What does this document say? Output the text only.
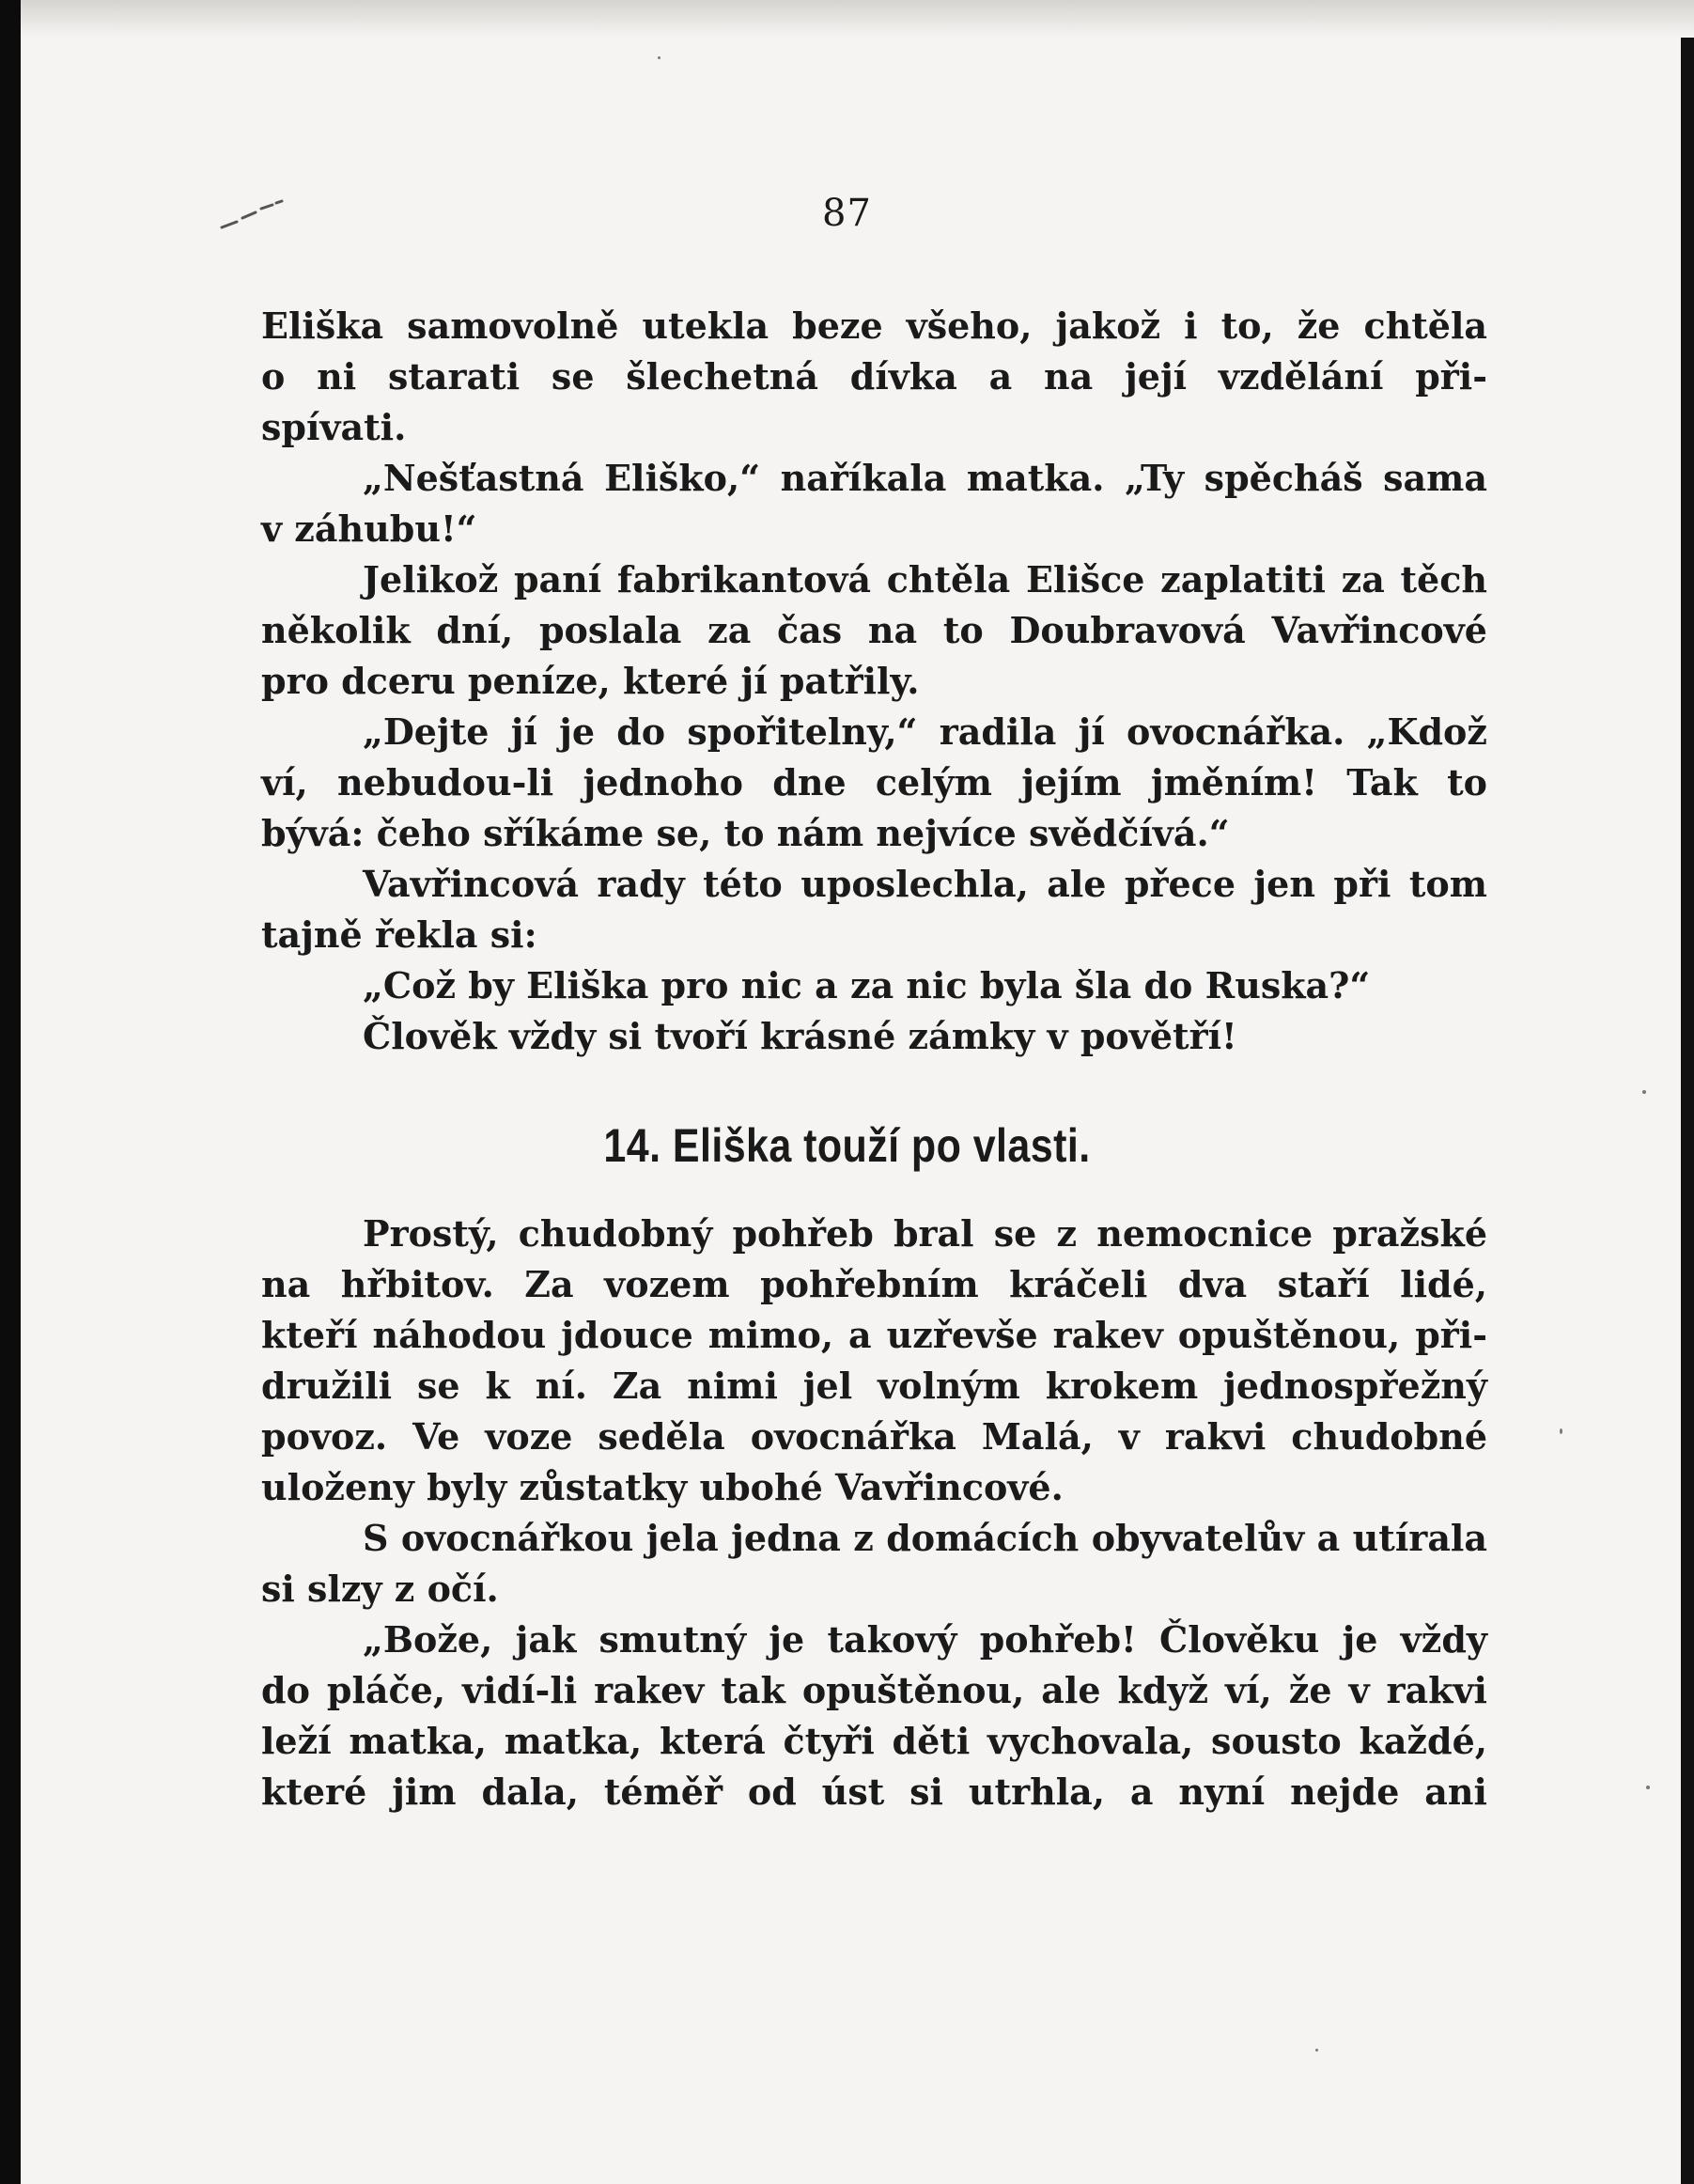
87
Eliška samovolně utekla beze všeho, jakož i to, že chtěla
o ni starati se šlechetná dívka a na její vzdělání při-
spívati.
„Nešťastná Eliško,“ naříkala matka. „Ty spěcháš sama
v záhubu!“
Jelikož paní fabrikantová chtěla Elišce zaplatiti za těch
několik dní, poslala za čas na to Doubravová Vavřincové
pro dceru peníze, které jí patřily.
„Dejte jí je do spořitelny,“ radila jí ovocnářka. „Kdož
ví, nebudou-li jednoho dne celým jejím jměním! Tak to
bývá: čeho sříkáme se, to nám nejvíce svědčívá.“
Vavřincová rady této uposlechla, ale přece jen při tom
tajně řekla si:
„Což by Eliška pro nic a za nic byla šla do Ruska?“
Člověk vždy si tvoří krásné zámky v povětří!
14. Eliška touží po vlasti.
Prostý, chudobný pohřeb bral se z nemocnice pražské
na hřbitov. Za vozem pohřebním kráčeli dva staří lidé,
kteří náhodou jdouce mimo, a uzřevše rakev opuštěnou, při-
družili se k ní. Za nimi jel volným krokem jednospřežný
povoz. Ve voze seděla ovocnářka Malá, v rakvi chudobné
uloženy byly zůstatky ubohé Vavřincové.
S ovocnářkou jela jedna z domácích obyvatelův a utírala
si slzy z očí.
„Bože, jak smutný je takový pohřeb! Člověku je vždy
do pláče, vidí-li rakev tak opuštěnou, ale když ví, že v rakvi
leží matka, matka, která čtyři děti vychovala, sousto každé,
které jim dala, téměř od úst si utrhla, a nyní nejde ani
